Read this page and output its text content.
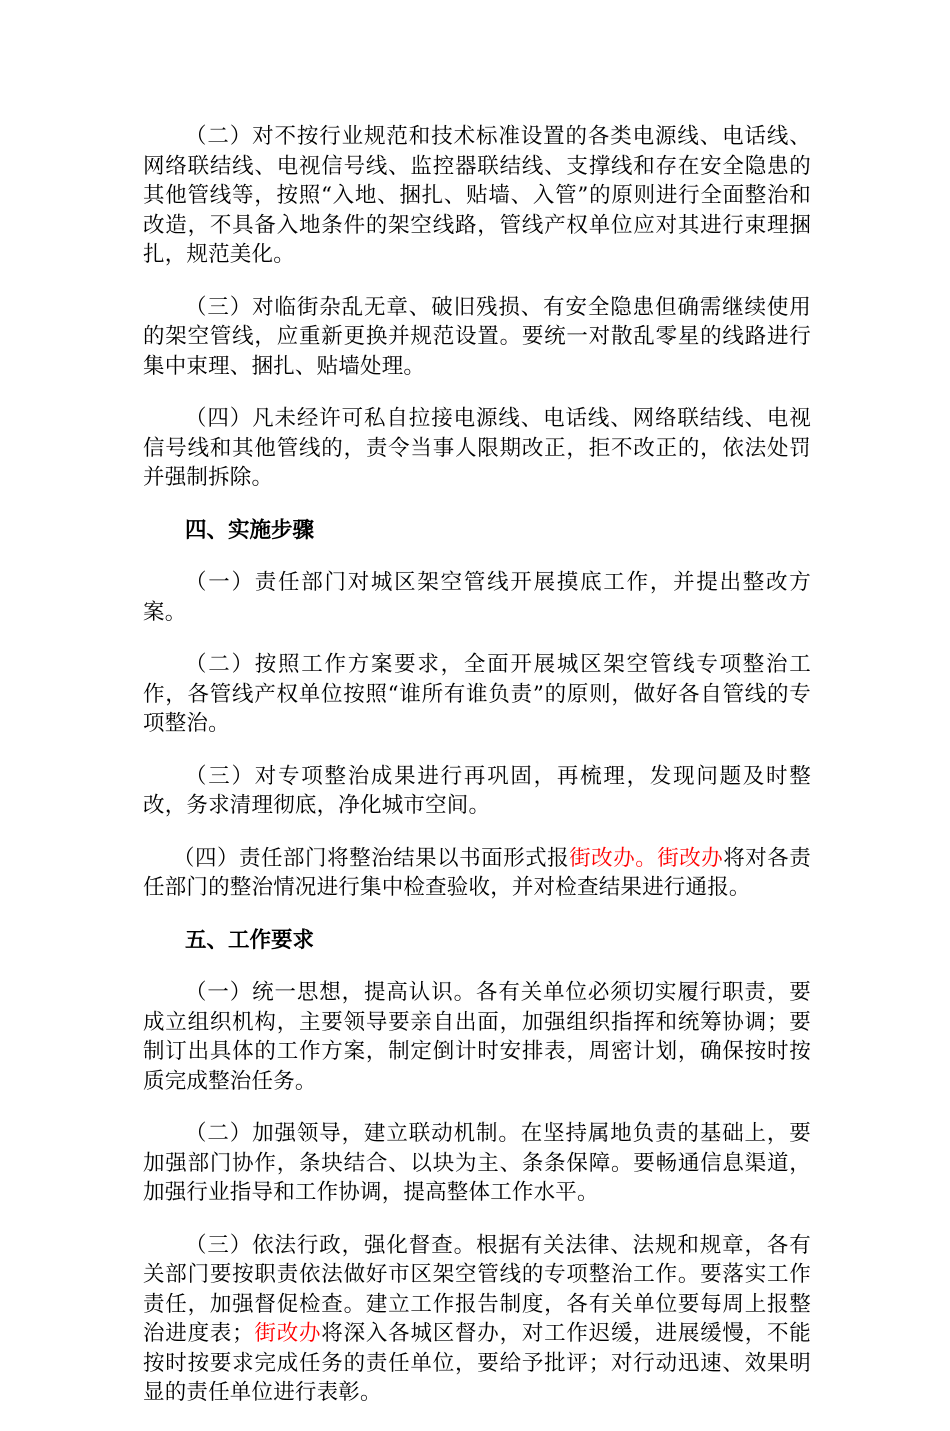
（二）对不按行业规范和技术标准设置的各类电源线、电话线、网络联结线、电视信号线、监控器联结线、支撑线和存在安全隐患的其他管线等，按照“入地、捆扎、贴墙、入管”的原则进行全面整治和改造，不具备入地条件的架空线路，管线产权单位应对其进行束理捆扎，规范美化。

（三）对临街杂乱无章、破旧残损、有安全隐患但确需继续使用的架空管线，应重新更换并规范设置。要统一对散乱零星的线路进行集中束理、捆扎、贴墙处理。

（四）凡未经许可私自拉接电源线、电话线、网络联结线、电视信号线和其他管线的，责令当事人限期改正，拒不改正的，依法处罚并强制拆除。

四、实施步骤

（一）责任部门对城区架空管线开展摸底工作，并提出整改方案。

（二）按照工作方案要求，全面开展城区架空管线专项整治工作，各管线产权单位按照“谁所有谁负责”的原则，做好各自管线的专项整治。

（三）对专项整治成果进行再巩固，再梳理，发现问题及时整改，务求清理彻底，净化城市空间。

（四）责任部门将整治结果以书面形式报街改办。街改办将对各责任部门的整治情况进行集中检查验收，并对检查结果进行通报。

五、工作要求

（一）统一思想，提高认识。各有关单位必须切实履行职责，要成立组织机构，主要领导要亲自出面，加强组织指挥和统筹协调；要制订出具体的工作方案，制定倒计时安排表，周密计划，确保按时按质完成整治任务。

（二）加强领导，建立联动机制。在坚持属地负责的基础上，要加强部门协作，条块结合、以块为主、条条保障。要畅通信息渠道，加强行业指导和工作协调，提高整体工作水平。

（三）依法行政，强化督查。根据有关法律、法规和规章，各有关部门要按职责依法做好市区架空管线的专项整治工作。要落实工作责任，加强督促检查。建立工作报告制度，各有关单位要每周上报整治进度表；街改办将深入各城区督办，对工作迟缓，进展缓慢，不能按时按要求完成任务的责任单位，要给予批评；对行动迅速、效果明显的责任单位进行表彰。
